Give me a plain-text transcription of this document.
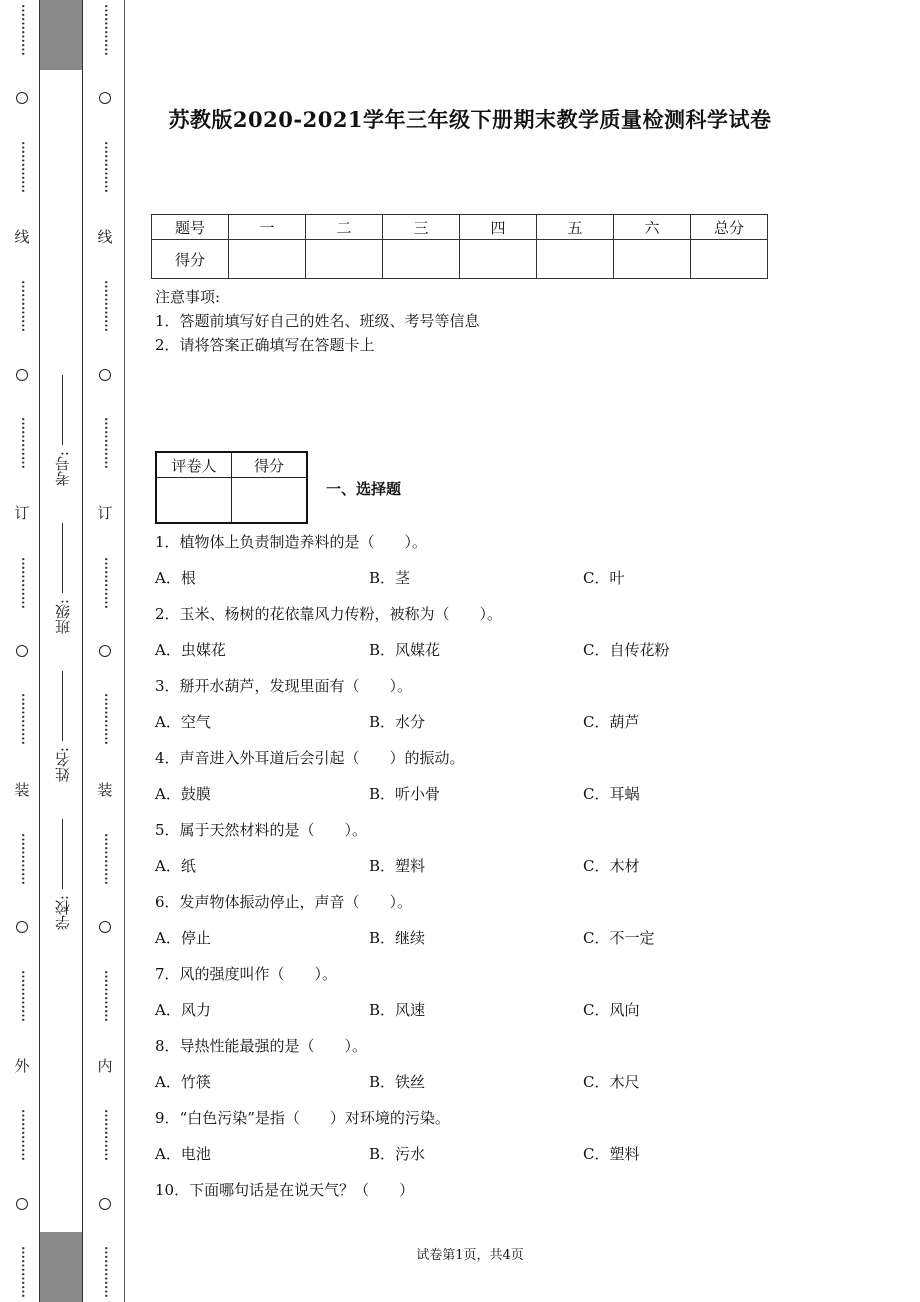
⋯⋯⋯⋯
⋯⋯⋯⋯
线
⋯⋯⋯⋯
⋯⋯⋯⋯
订
⋯⋯⋯⋯
⋯⋯⋯⋯
装
⋯⋯⋯⋯
⋯⋯⋯⋯
外
⋯⋯⋯⋯
⋯⋯⋯⋯
学校:
姓名:
班级:
考号:
⋯⋯⋯⋯
⋯⋯⋯⋯
线
⋯⋯⋯⋯
⋯⋯⋯⋯
订
⋯⋯⋯⋯
⋯⋯⋯⋯
装
⋯⋯⋯⋯
⋯⋯⋯⋯
内
⋯⋯⋯⋯
⋯⋯⋯⋯
苏教版2020-2021学年三年级下册期末教学质量检测科学试卷
题号	一	二	三	四	五	六	总分
得分							
注意事项:
1．答题前填写好自己的姓名、班级、考号等信息
2．请将答案正确填写在答题卡上
评卷人	得分

一、选择题
1．植物体上负责制造养料的是（　　）。
A．根	B．茎	C．叶
2．玉米、杨树的花依靠风力传粉，被称为（　　）。
A．虫媒花	B．风媒花	C．自传花粉
3．掰开水葫芦，发现里面有（　　）。
A．空气	B．水分	C．葫芦
4．声音进入外耳道后会引起（　　）的振动。
A．鼓膜	B．听小骨	C．耳蜗
5．属于天然材料的是（　　）。
A．纸	B．塑料	C．木材
6．发声物体振动停止，声音（　　）。
A．停止	B．继续	C．不一定
7．风的强度叫作（　　）。
A．风力	B．风速	C．风向
8．导热性能最强的是（　　）。
A．竹筷	B．铁丝	C．木尺
9．“白色污染”是指（　　）对环境的污染。
A．电池	B．污水	C．塑料
10．下面哪句话是在说天气？（　　）
试卷第1页，共4页
